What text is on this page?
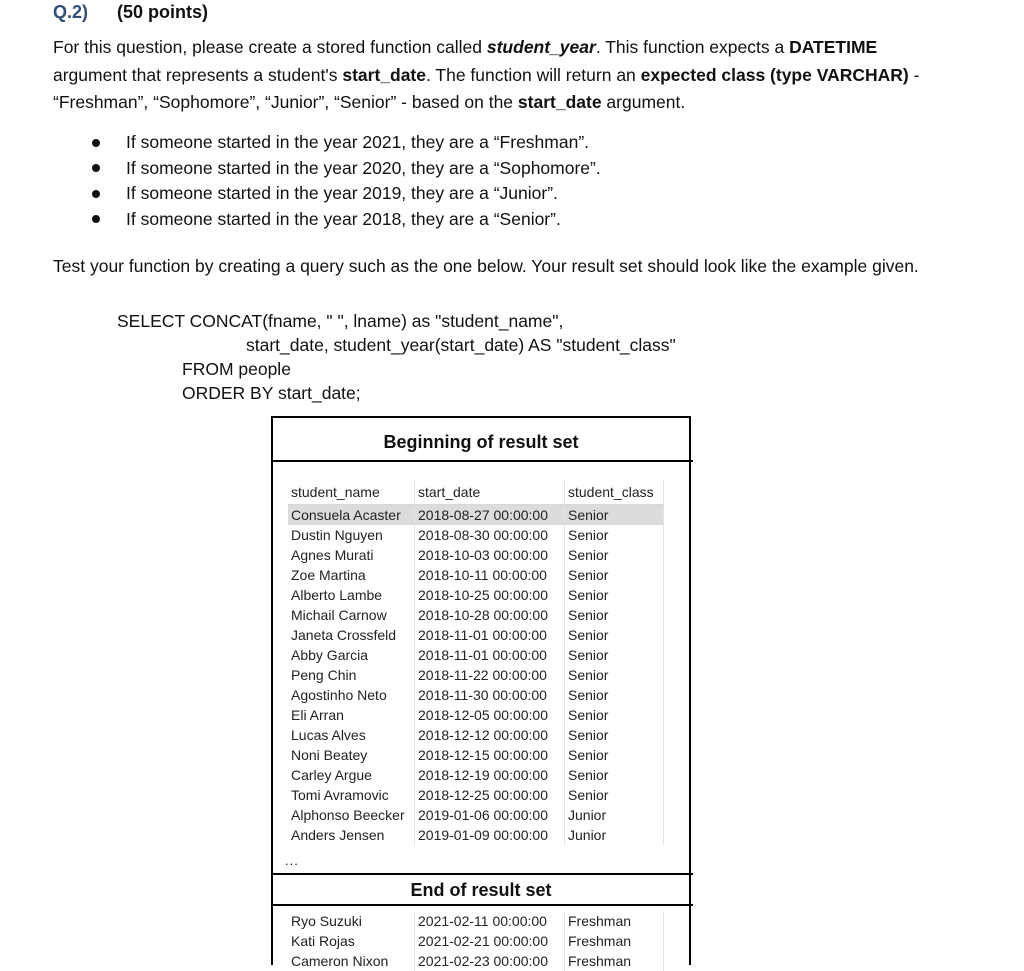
Q.2) (50 points)
For this question, please create a stored function called student_year. This function expects a DATETIME argument that represents a student's start_date. The function will return an expected class (type VARCHAR) - “Freshman”, “Sophomore”, “Junior”, “Senior” - based on the start_date argument.
If someone started in the year 2021, they are a “Freshman”.
If someone started in the year 2020, they are a “Sophomore”.
If someone started in the year 2019, they are a “Junior”.
If someone started in the year 2018, they are a “Senior”.
Test your function by creating a query such as the one below. Your result set should look like the example given.
SELECT CONCAT(fname, " ", lname) as "student_name",
start_date, student_year(start_date) AS "student_class"
FROM people
ORDER BY start_date;
Beginning of result set
student_name	start_date	student_class
Consuela Acaster	2018-08-27 00:00:00	Senior
Dustin Nguyen	2018-08-30 00:00:00	Senior
Agnes Murati	2018-10-03 00:00:00	Senior
Zoe Martina	2018-10-11 00:00:00	Senior
Alberto Lambe	2018-10-25 00:00:00	Senior
Michail Carnow	2018-10-28 00:00:00	Senior
Janeta Crossfeld	2018-11-01 00:00:00	Senior
Abby Garcia	2018-11-01 00:00:00	Senior
Peng Chin	2018-11-22 00:00:00	Senior
Agostinho Neto	2018-11-30 00:00:00	Senior
Eli Arran	2018-12-05 00:00:00	Senior
Lucas Alves	2018-12-12 00:00:00	Senior
Noni Beatey	2018-12-15 00:00:00	Senior
Carley Argue	2018-12-19 00:00:00	Senior
Tomi Avramovic	2018-12-25 00:00:00	Senior
Alphonso Beecker	2019-01-06 00:00:00	Junior
Anders Jensen	2019-01-09 00:00:00	Junior
...
End of result set
Ryo Suzuki	2021-02-11 00:00:00	Freshman
Kati Rojas	2021-02-21 00:00:00	Freshman
Cameron Nixon	2021-02-23 00:00:00	Freshman
